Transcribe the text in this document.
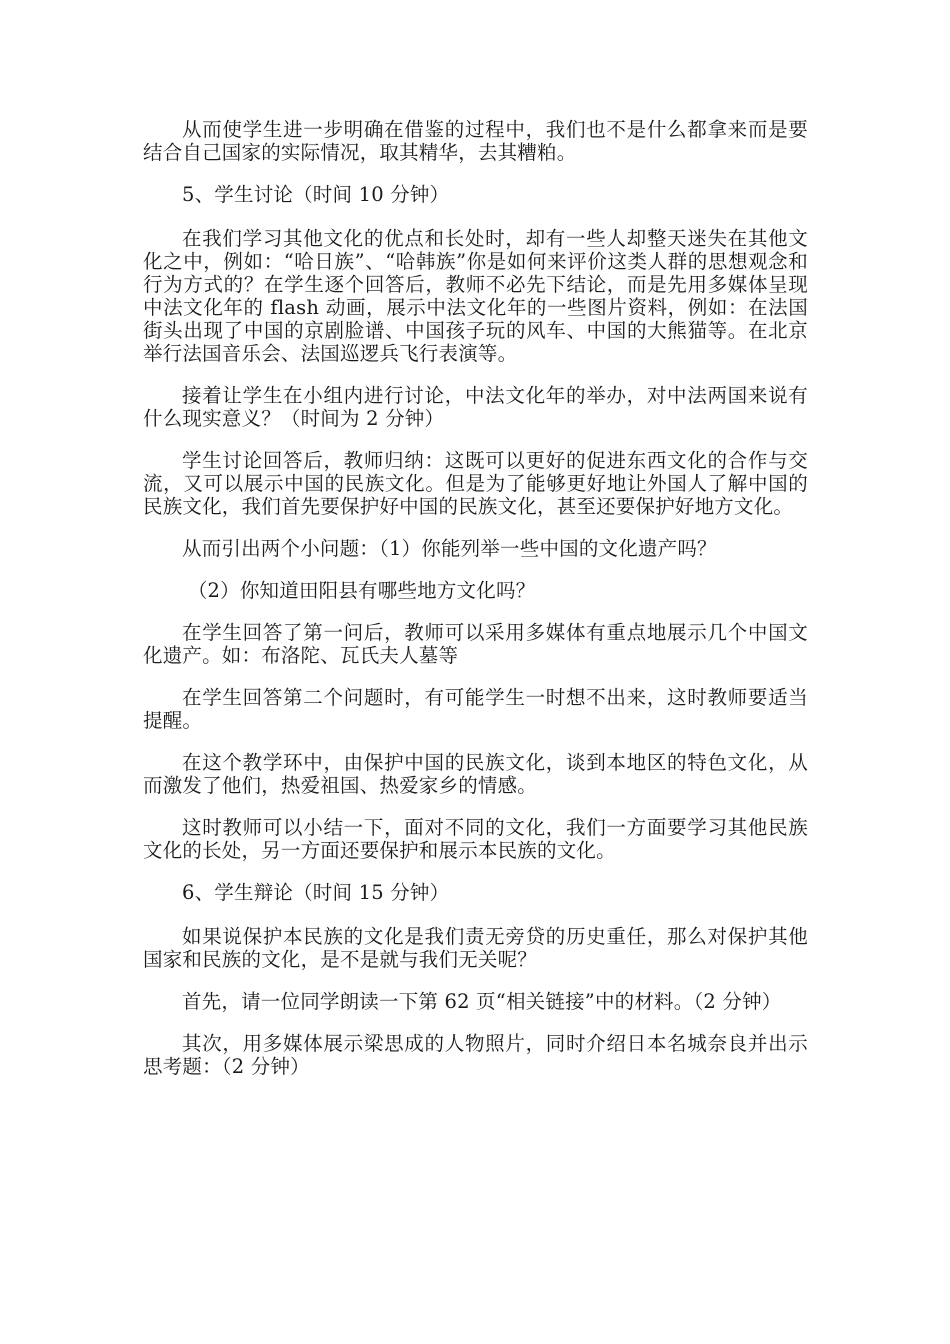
从而使学生进一步明确在借鉴的过程中，我们也不是什么都拿来而是要结合自己国家的实际情况，取其精华，去其糟粕。

5、学生讨论（时间 10 分钟）

在我们学习其他文化的优点和长处时，却有一些人却整天迷失在其他文化之中，例如：“哈日族”、“哈韩族”你是如何来评价这类人群的思想观念和行为方式的？在学生逐个回答后，教师不必先下结论，而是先用多媒体呈现中法文化年的 flash 动画，展示中法文化年的一些图片资料，例如：在法国街头出现了中国的京剧脸谱、中国孩子玩的风车、中国的大熊猫等。在北京举行法国音乐会、法国巡逻兵飞行表演等。

接着让学生在小组内进行讨论，中法文化年的举办，对中法两国来说有什么现实意义？（时间为 2 分钟）

学生讨论回答后，教师归纳：这既可以更好的促进东西文化的合作与交流，又可以展示中国的民族文化。但是为了能够更好地让外国人了解中国的民族文化，我们首先要保护好中国的民族文化，甚至还要保护好地方文化。

从而引出两个小问题：（1）你能列举一些中国的文化遗产吗？

（2）你知道田阳县有哪些地方文化吗？

在学生回答了第一问后，教师可以采用多媒体有重点地展示几个中国文化遗产。如：布洛陀、瓦氏夫人墓等

在学生回答第二个问题时，有可能学生一时想不出来，这时教师要适当提醒。

在这个教学环中，由保护中国的民族文化，谈到本地区的特色文化，从而激发了他们，热爱祖国、热爱家乡的情感。

这时教师可以小结一下，面对不同的文化，我们一方面要学习其他民族文化的长处，另一方面还要保护和展示本民族的文化。

6、学生辩论（时间 15 分钟）

如果说保护本民族的文化是我们责无旁贷的历史重任，那么对保护其他国家和民族的文化，是不是就与我们无关呢？

首先，请一位同学朗读一下第 62 页“相关链接”中的材料。（2 分钟）

其次，用多媒体展示梁思成的人物照片，同时介绍日本名城奈良并出示思考题：（2 分钟）
